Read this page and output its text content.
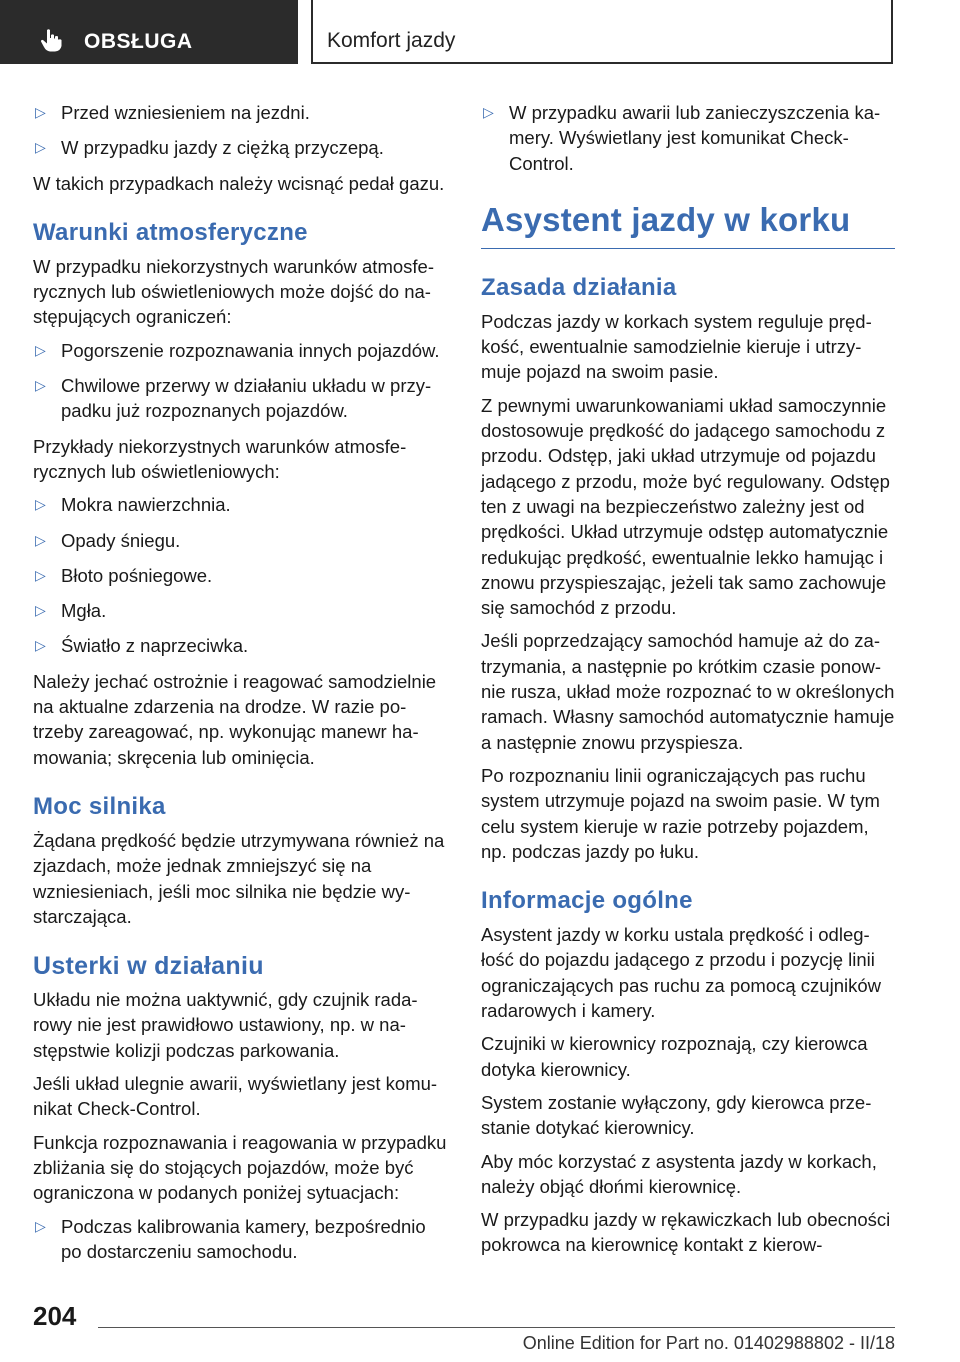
OBSŁUGA	Komfort jazdy
▷ Przed wzniesieniem na jezdni.
▷ W przypadku jazdy z ciężką przyczepą.

W takich przypadkach należy wcisnąć pedał gazu.

Warunki atmosferyczne

W przypadku niekorzystnych warunków atmosferycznych lub oświetleniowych może dojść do następujących ograniczeń:

▷ Pogorszenie rozpoznawania innych pojazdów.
▷ Chwilowe przerwy w działaniu układu w przypadku już rozpoznanych pojazdów.

Przykłady niekorzystnych warunków atmosferycznych lub oświetleniowych:

▷ Mokra nawierzchnia.
▷ Opady śniegu.
▷ Błoto pośniegowe.
▷ Mgła.
▷ Światło z naprzeciwka.

Należy jechać ostrożnie i reagować samodzielnie na aktualne zdarzenia na drodze. W razie potrzeby zareagować, np. wykonując manewr hamowania; skręcenia lub ominięcia.

Moc silnika

Żądana prędkość będzie utrzymywana również na zjazdach, może jednak zmniejszyć się na wzniesieniach, jeśli moc silnika nie będzie wystarczająca.

Usterki w działaniu

Układu nie można uaktywnić, gdy czujnik radarowy nie jest prawidłowo ustawiony, np. w następstwie kolizji podczas parkowania.

Jeśli układ ulegnie awarii, wyświetlany jest komunikat Check-Control.

Funkcja rozpoznawania i reagowania w przypadku zbliżania się do stojących pojazdów, może być ograniczona w podanych poniżej sytuacjach:

▷ Podczas kalibrowania kamery, bezpośrednio po dostarczeniu samochodu.
▷ W przypadku awarii lub zanieczyszczenia kamery. Wyświetlany jest komunikat Check-Control.
Asystent jazdy w korku
Zasada działania

Podczas jazdy w korkach system reguluje prędkość, ewentualnie samodzielnie kieruje i utrzymuje pojazd na swoim pasie.

Z pewnymi uwarunkowaniami układ samoczynnie dostosowuje prędkość do jadącego samochodu z przodu. Odstęp, jaki układ utrzymuje od pojazdu jadącego z przodu, może być regulowany. Odstęp ten z uwagi na bezpieczeństwo zależny jest od prędkości. Układ utrzymuje odstęp automatycznie redukując prędkość, ewentualnie lekko hamując i znowu przyspieszając, jeżeli tak samo zachowuje się samochód z przodu.

Jeśli poprzedzający samochód hamuje aż do zatrzymania, a następnie po krótkim czasie ponownie rusza, układ może rozpoznać to w określonych ramach. Własny samochód automatycznie hamuje a następnie znowu przyspiesza.

Po rozpoznaniu linii ograniczających pas ruchu system utrzymuje pojazd na swoim pasie. W tym celu system kieruje w razie potrzeby pojazdem, np. podczas jazdy po łuku.

Informacje ogólne

Asystent jazdy w korku ustala prędkość i odległość do pojazdu jadącego z przodu i pozycję linii ograniczających pas ruchu za pomocą czujników radarowych i kamery.

Czujniki w kierownicy rozpoznają, czy kierowca dotyka kierownicy.

System zostanie wyłączony, gdy kierowca przestanie dotykać kierownicy.

Aby móc korzystać z asystenta jazdy w korkach, należy objąć dłońmi kierownicę.

W przypadku jazdy w rękawiczkach lub obecności pokrowca na kierownicę kontakt z kierow-

204
Online Edition for Part no. 01402988802 - II/18
